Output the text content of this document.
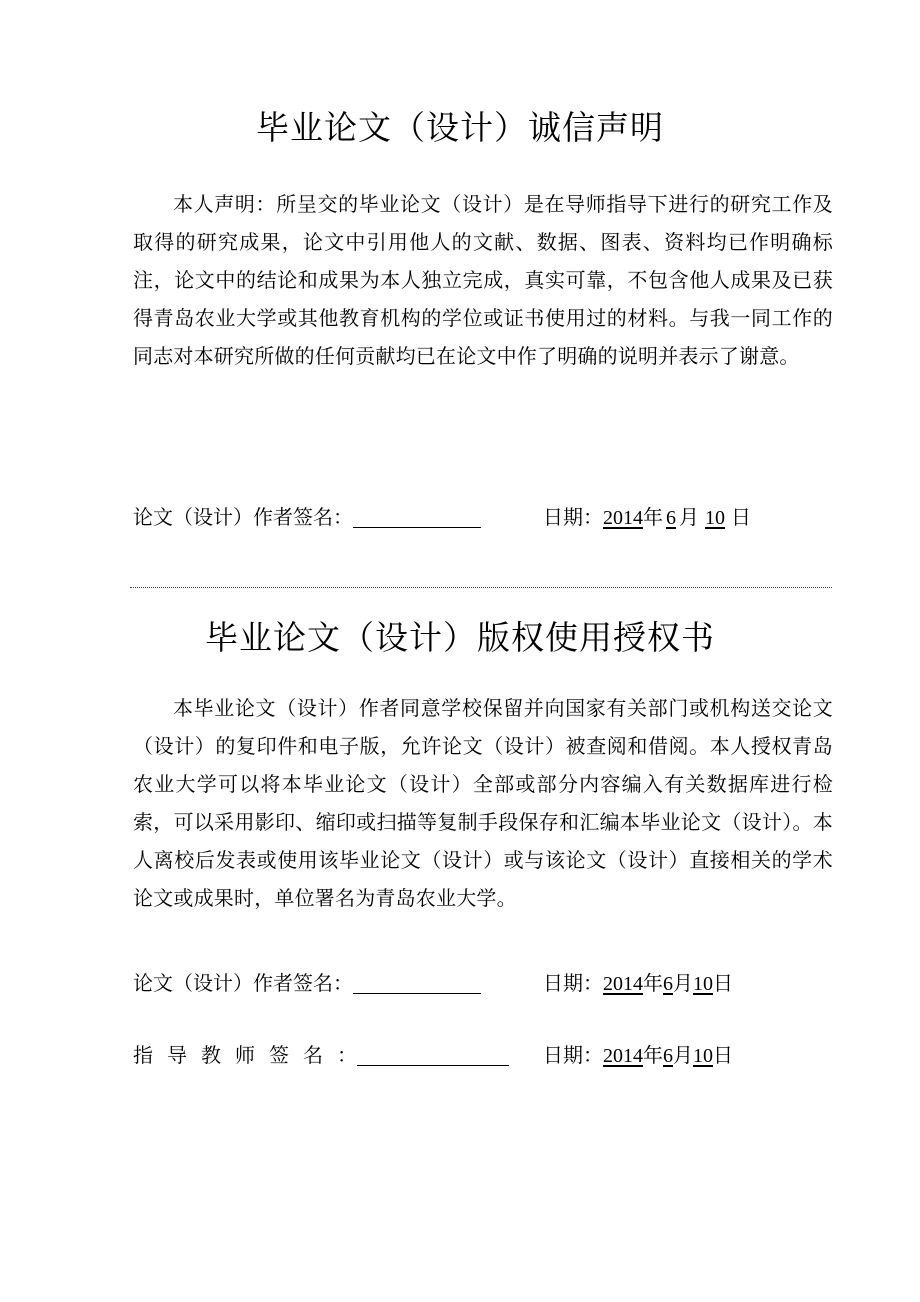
毕业论文（设计）诚信声明
本人声明：所呈交的毕业论文（设计）是在导师指导下进行的研究工作及取得的研究成果，论文中引用他人的文献、数据、图表、资料均已作明确标注，论文中的结论和成果为本人独立完成，真实可靠，不包含他人成果及已获得青岛农业大学或其他教育机构的学位或证书使用过的材料。与我一同工作的同志对本研究所做的任何贡献均已在论文中作了明确的说明并表示了谢意。
论文（设计）作者签名：	日期：2014年 6 月 10 日
毕业论文（设计）版权使用授权书
本毕业论文（设计）作者同意学校保留并向国家有关部门或机构送交论文（设计）的复印件和电子版，允许论文（设计）被查阅和借阅。本人授权青岛农业大学可以将本毕业论文（设计）全部或部分内容编入有关数据库进行检索，可以采用影印、缩印或扫描等复制手段保存和汇编本毕业论文（设计）。本人离校后发表或使用该毕业论文（设计）或与该论文（设计）直接相关的学术论文或成果时，单位署名为青岛农业大学。
论文（设计）作者签名：	日期：2014年6月10日
指导教师签名：	日期：2014年6月10日
